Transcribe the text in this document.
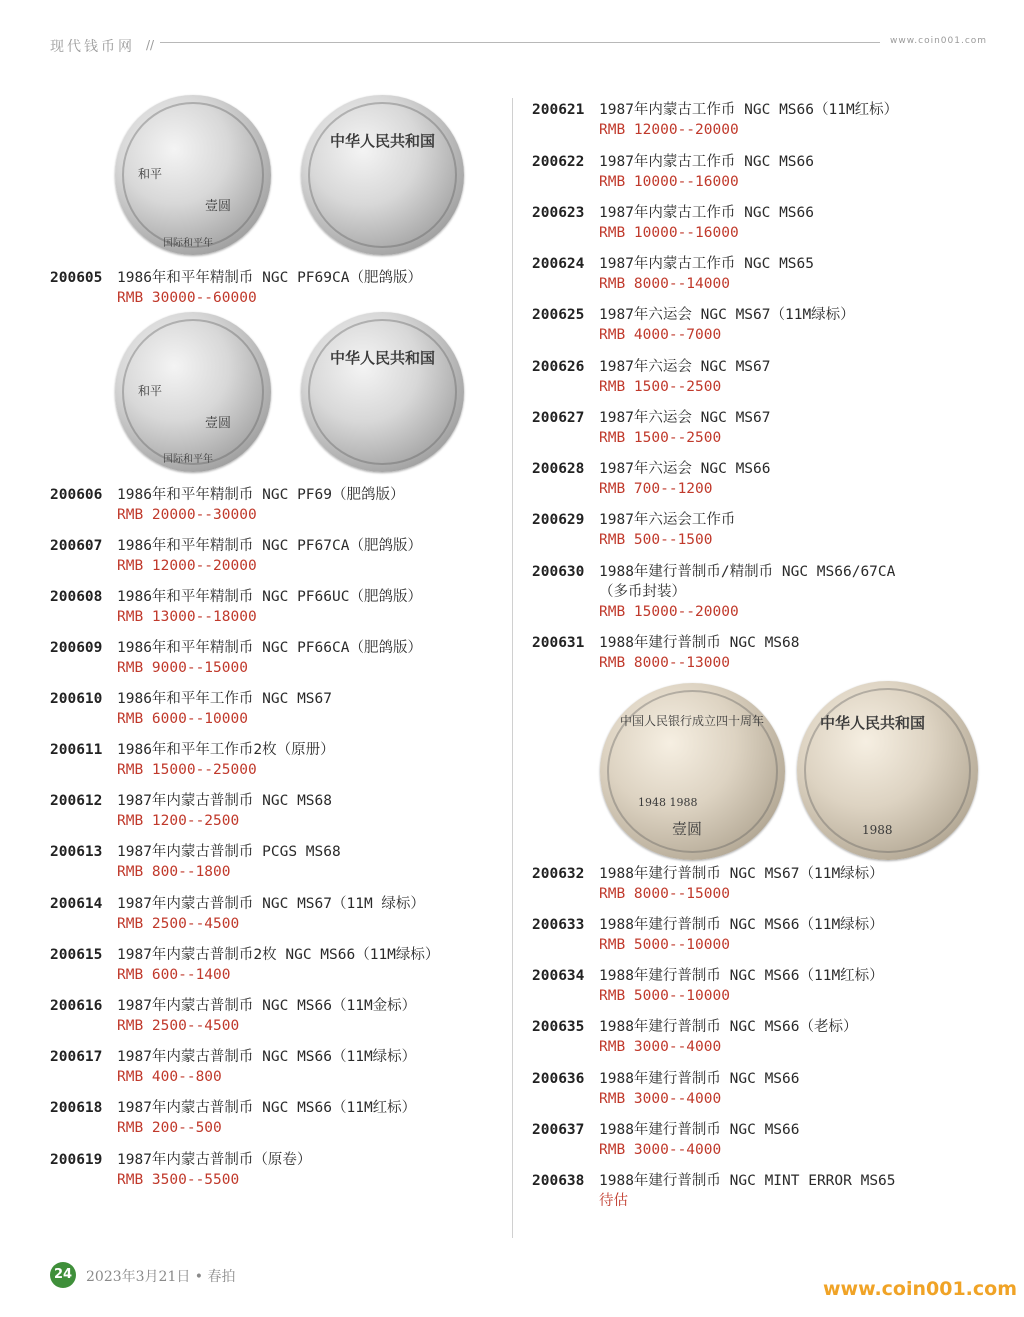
现代钱币网 //	www.coin001.com
和平
壹圆
国际和平年
中华人民共和国
和平
壹圆
国际和平年
中华人民共和国
中国人民银行成立四十周年
1948 1988
壹圆
中华人民共和国
1988
200605 1986年和平年精制币 NGC PF69CA（肥鸽版）
RMB 30000--60000
200606 1986年和平年精制币 NGC PF69（肥鸽版）
RMB 20000--30000
200607 1986年和平年精制币 NGC PF67CA（肥鸽版）
RMB 12000--20000
200608 1986年和平年精制币 NGC PF66UC（肥鸽版）
RMB 13000--18000
200609 1986年和平年精制币 NGC PF66CA（肥鸽版）
RMB 9000--15000
200610 1986年和平年工作币 NGC MS67
RMB 6000--10000
200611 1986年和平年工作币2枚（原册）
RMB 15000--25000
200612 1987年内蒙古普制币 NGC MS68
RMB 1200--2500
200613 1987年内蒙古普制币 PCGS MS68
RMB 800--1800
200614 1987年内蒙古普制币 NGC MS67（11M 绿标）
RMB 2500--4500
200615 1987年内蒙古普制币2枚 NGC MS66（11M绿标）
RMB 600--1400
200616 1987年内蒙古普制币 NGC MS66（11M金标）
RMB 2500--4500
200617 1987年内蒙古普制币 NGC MS66（11M绿标）
RMB 400--800
200618 1987年内蒙古普制币 NGC MS66（11M红标）
RMB 200--500
200619 1987年内蒙古普制币（原卷）
RMB 3500--5500
200621 1987年内蒙古工作币 NGC MS66（11M红标）
RMB 12000--20000
200622 1987年内蒙古工作币 NGC MS66
RMB 10000--16000
200623 1987年内蒙古工作币 NGC MS66
RMB 10000--16000
200624 1987年内蒙古工作币 NGC MS65
RMB 8000--14000
200625 1987年六运会 NGC MS67（11M绿标）
RMB 4000--7000
200626 1987年六运会 NGC MS67
RMB 1500--2500
200627 1987年六运会 NGC MS67
RMB 1500--2500
200628 1987年六运会 NGC MS66
RMB 700--1200
200629 1987年六运会工作币
RMB 500--1500
200630 1988年建行普制币/精制币 NGC MS66/67CA
（多币封装）
RMB 15000--20000
200631 1988年建行普制币 NGC MS68
RMB 8000--13000
200632 1988年建行普制币 NGC MS67（11M绿标）
RMB 8000--15000
200633 1988年建行普制币 NGC MS66（11M绿标）
RMB 5000--10000
200634 1988年建行普制币 NGC MS66（11M红标）
RMB 5000--10000
200635 1988年建行普制币 NGC MS66（老标）
RMB 3000--4000
200636 1988年建行普制币 NGC MS66
RMB 3000--4000
200637 1988年建行普制币 NGC MS66
RMB 3000--4000
200638 1988年建行普制币 NGC MINT ERROR MS65
待估
24 2023年3月21日 • 春拍
www.coin001.com
